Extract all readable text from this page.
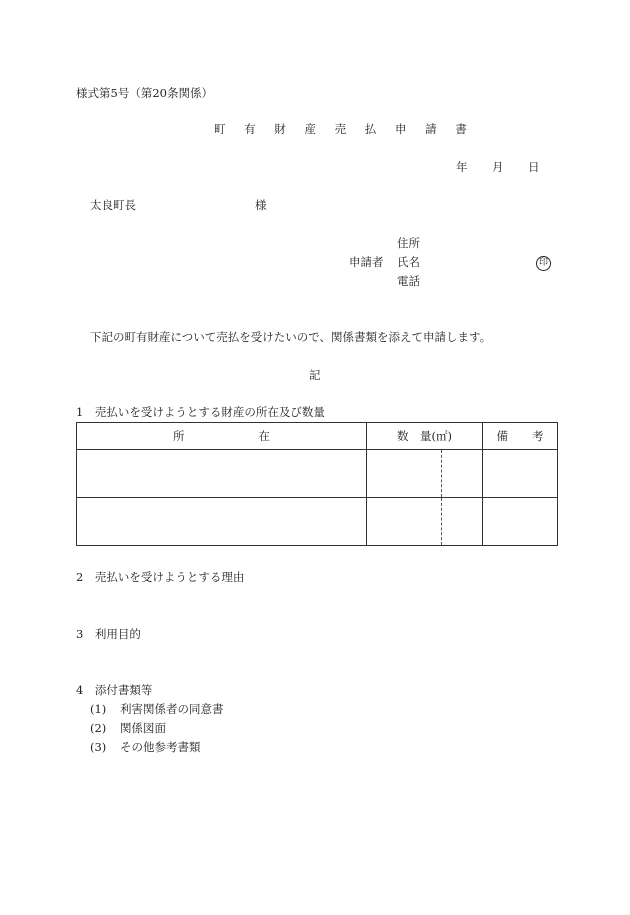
様式第5号（第20条関係）
町 有 財 産 売 払 申 請 書
年 月 日
太良町長	様
住所
申請者 氏名	印
電話
下記の町有財産について売払を受けたいので、関係書類を添えて申請します。
記
1　売払いを受けようとする財産の所在及び数量
所 在	数　量(㎡)	備 考

2　売払いを受けようとする理由
3　利用目的
4　添付書類等
(1) 利害関係者の同意書
(2) 関係図面
(3) その他参考書類
